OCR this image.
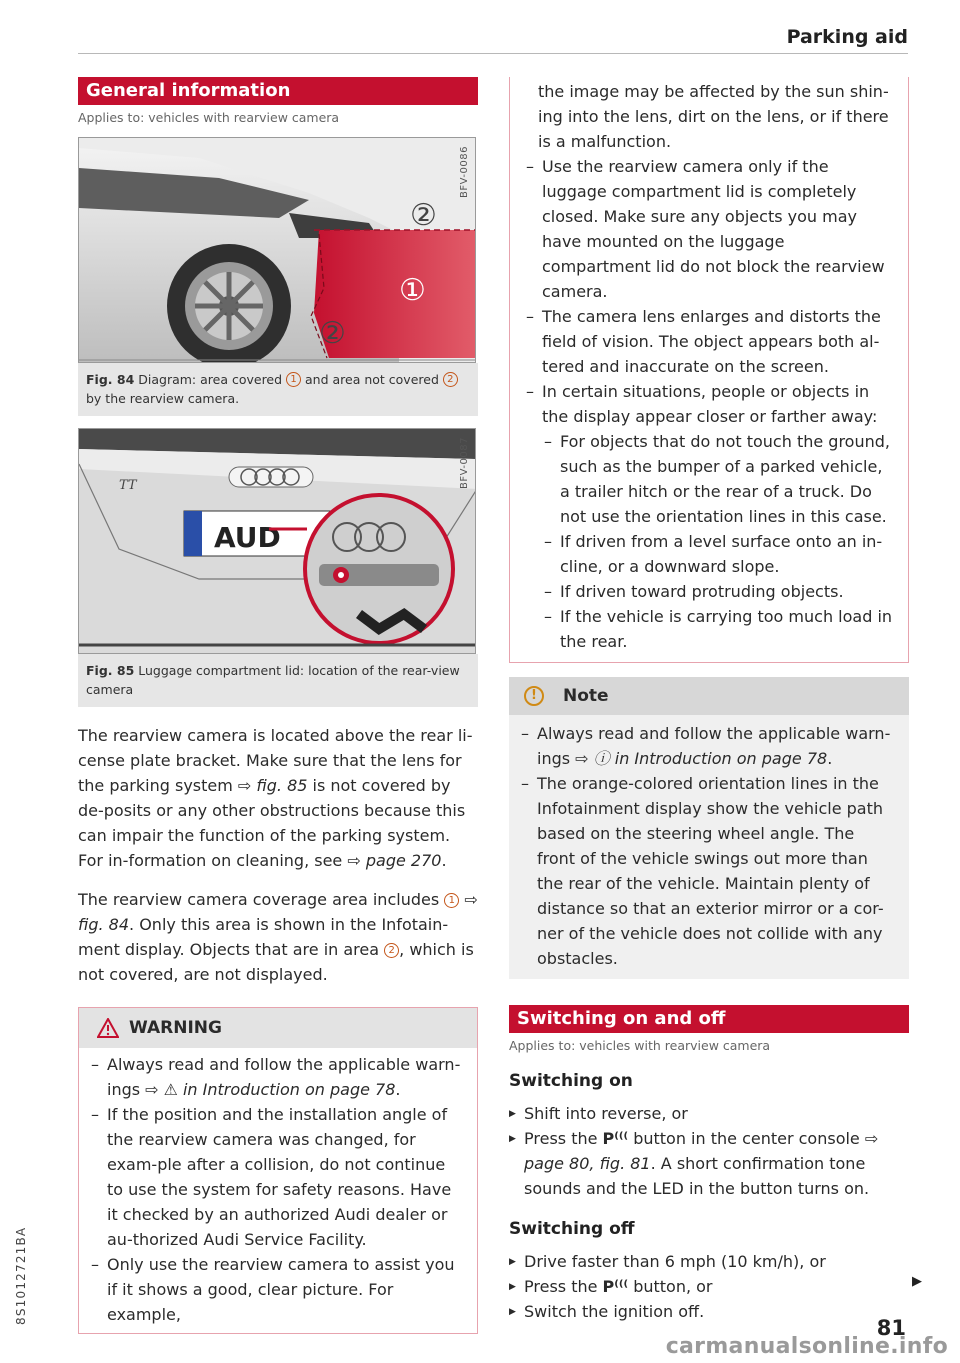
Parking aid
8S1012721BA
General information
Applies to: vehicles with rearview camera
②
①
②
BFV-0086
Fig. 84 Diagram: area covered 1 and area not covered 2 by the rearview camera.
TT
AUD
BFV-0087
Fig. 85 Luggage compartment lid: location of the rear-view camera
The rearview camera is located above the rear li-cense plate bracket. Make sure that the lens for the parking system ⇨ fig. 85 is not covered by de-posits or any other obstructions because this can impair the function of the parking system. For in-formation on cleaning, see ⇨ page 270.
The rearview camera coverage area includes 1 ⇨ fig. 84. Only this area is shown in the Infotain-ment display. Objects that are in area 2 , which is not covered, are not displayed.
WARNING
– Always read and follow the applicable warn-ings ⇨ ⚠ in Introduction on page 78.
– If the position and the installation angle of the rearview camera was changed, for exam-ple after a collision, do not continue to use the system for safety reasons. Have it checked by an authorized Audi dealer or au-thorized Audi Service Facility.
– Only use the rearview camera to assist you if it shows a good, clear picture. For example,
the image may be affected by the sun shin-ing into the lens, dirt on the lens, or if there is a malfunction.
– Use the rearview camera only if the luggage compartment lid is completely closed. Make sure any objects you may have mounted on the luggage compartment lid do not block the rearview camera.
– The camera lens enlarges and distorts the field of vision. The object appears both al-tered and inaccurate on the screen.
– In certain situations, people or objects in the display appear closer or farther away:
– For objects that do not touch the ground, such as the bumper of a parked vehicle, a trailer hitch or the rear of a truck. Do not use the orientation lines in this case.
– If driven from a level surface onto an in-cline, or a downward slope.
– If driven toward protruding objects.
– If the vehicle is carrying too much load in the rear.
!	Note
– Always read and follow the applicable warn-ings ⇨ ⓘ in Introduction on page 78.
– The orange-colored orientation lines in the Infotainment display show the vehicle path based on the steering wheel angle. The front of the vehicle swings out more than the rear of the vehicle. Maintain plenty of distance so that an exterior mirror or a cor-ner of the vehicle does not collide with any obstacles.
Switching on and off
Applies to: vehicles with rearview camera
Switching on
▶ Shift into reverse, or
▶ Press the P⁽⁽⁽ button in the center console ⇨ page 80, fig. 81. A short confirmation tone sounds and the LED in the button turns on.
Switching off
▶ Drive faster than 6 mph (10 km/h), or
▶ Press the P⁽⁽⁽ button, or
▶ Switch the ignition off.
▶
81
carmanualsonline.info
